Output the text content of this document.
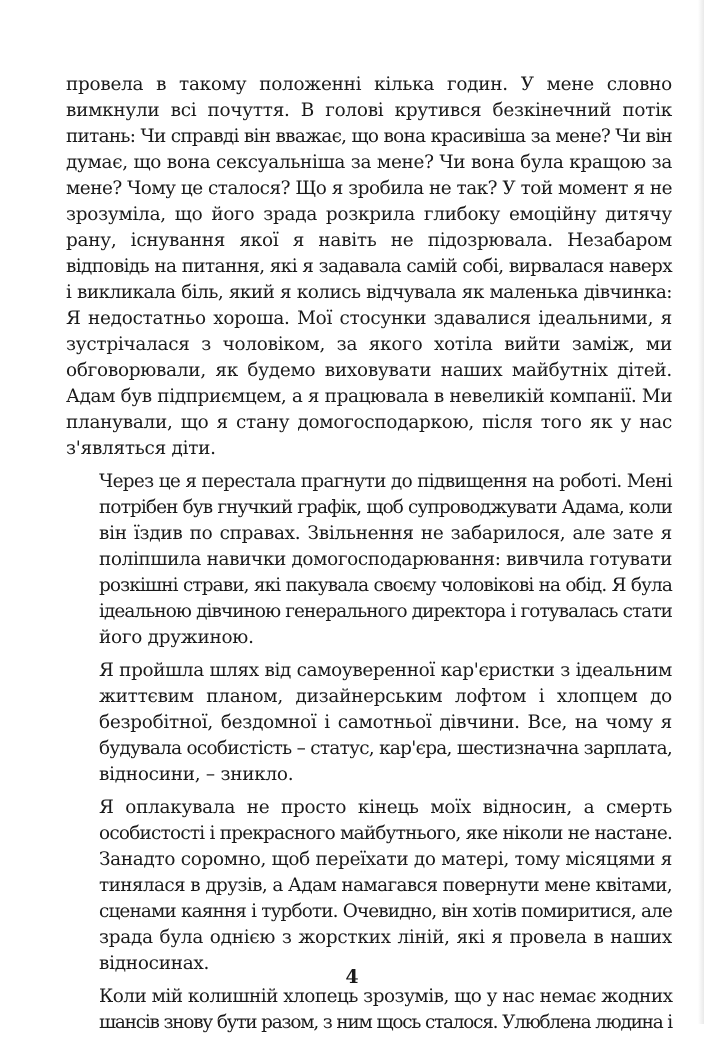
провела в такому положенні кілька годин. У мене словно
вимкнули всі почуття. В голові крутився безкінечний потік
питань: Чи справді він вважає, що вона красивіша за мене? Чи він
думає, що вона сексуальніша за мене? Чи вона була кращою за
мене? Чому це сталося? Що я зробила не так? У той момент я не
зрозуміла, що його зрада розкрила глибоку емоційну дитячу
рану, існування якої я навіть не підозрювала. Незабаром
відповідь на питання, які я задавала самій собі, вирвалася наверх
і викликала біль, який я колись відчувала як маленька дівчинка:
Я недостатньо хороша. Мої стосунки здавалися ідеальними, я
зустрічалася з чоловіком, за якого хотіла вийти заміж, ми
обговорювали, як будемо виховувати наших майбутніх дітей.
Адам був підприємцем, а я працювала в невеликій компанії. Ми
планували, що я стану домогосподаркою, після того як у нас
з'являться діти.

Через це я перестала прагнути до підвищення на роботі. Мені
потрібен був гнучкий графік, щоб супроводжувати Адама, коли
він їздив по справах. Звільнення не забарилося, але зате я
поліпшила навички домогосподарювання: вивчила готувати
розкішні страви, які пакувала своєму чоловікові на обід. Я була
ідеальною дівчиною генерального директора і готувалась стати
його дружиною.

Я пройшла шлях від самоуверенної кар'єристки з ідеальним
життєвим планом, дизайнерським лофтом і хлопцем до
безробітної, бездомної і самотньої дівчини. Все, на чому я
будувала особистість – статус, кар'єра, шестизначна зарплата,
відносини, – зникло.

Я оплакувала не просто кінець моїх відносин, а смерть
особистості і прекрасного майбутнього, яке ніколи не настане.
Занадто соромно, щоб переїхати до матері, тому місяцями я
тинялася в друзів, а Адам намагався повернути мене квітами,
сценами каяння і турботи. Очевидно, він хотів помиритися, але
зрада була однією з жорстких ліній, які я провела в наших
відносинах.

Коли мій колишній хлопець зрозумів, що у нас немає жодних
шансів знову бути разом, з ним щось сталося. Улюблена людина і

4
